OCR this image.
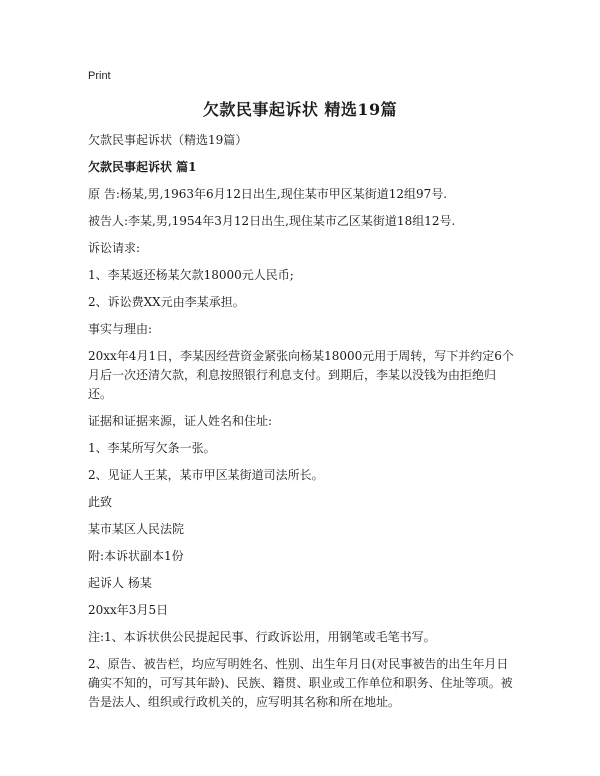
Print
欠款民事起诉状 精选19篇

欠款民事起诉状（精选19篇）

欠款民事起诉状 篇1

原 告:杨某,男,1963年6月12日出生,现住某市甲区某街道12组97号.

被告人:李某,男,1954年3月12日出生,现住某市乙区某街道18组12号.

诉讼请求:

1、李某返还杨某欠款18000元人民币;

2、诉讼费XX元由李某承担。

事实与理由:

20xx年4月1日，李某因经营资金紧张向杨某18000元用于周转，写下并约定6个月后一次还清欠款，利息按照银行利息支付。到期后，李某以没钱为由拒绝归还。

证据和证据来源，证人姓名和住址:

1、李某所写欠条一张。

2、见证人王某，某市甲区某街道司法所长。

此致

某市某区人民法院

附:本诉状副本1份

起诉人 杨某

20xx年3月5日

注:1、本诉状供公民提起民事、行政诉讼用，用钢笔或毛笔书写。

2、原告、被告栏，均应写明姓名、性别、出生年月日(对民事被告的出生年月日确实不知的，可写其年龄)、民族、籍贯、职业或工作单位和职务、住址等项。被告是法人、组织或行政机关的，应写明其名称和所在地址。
